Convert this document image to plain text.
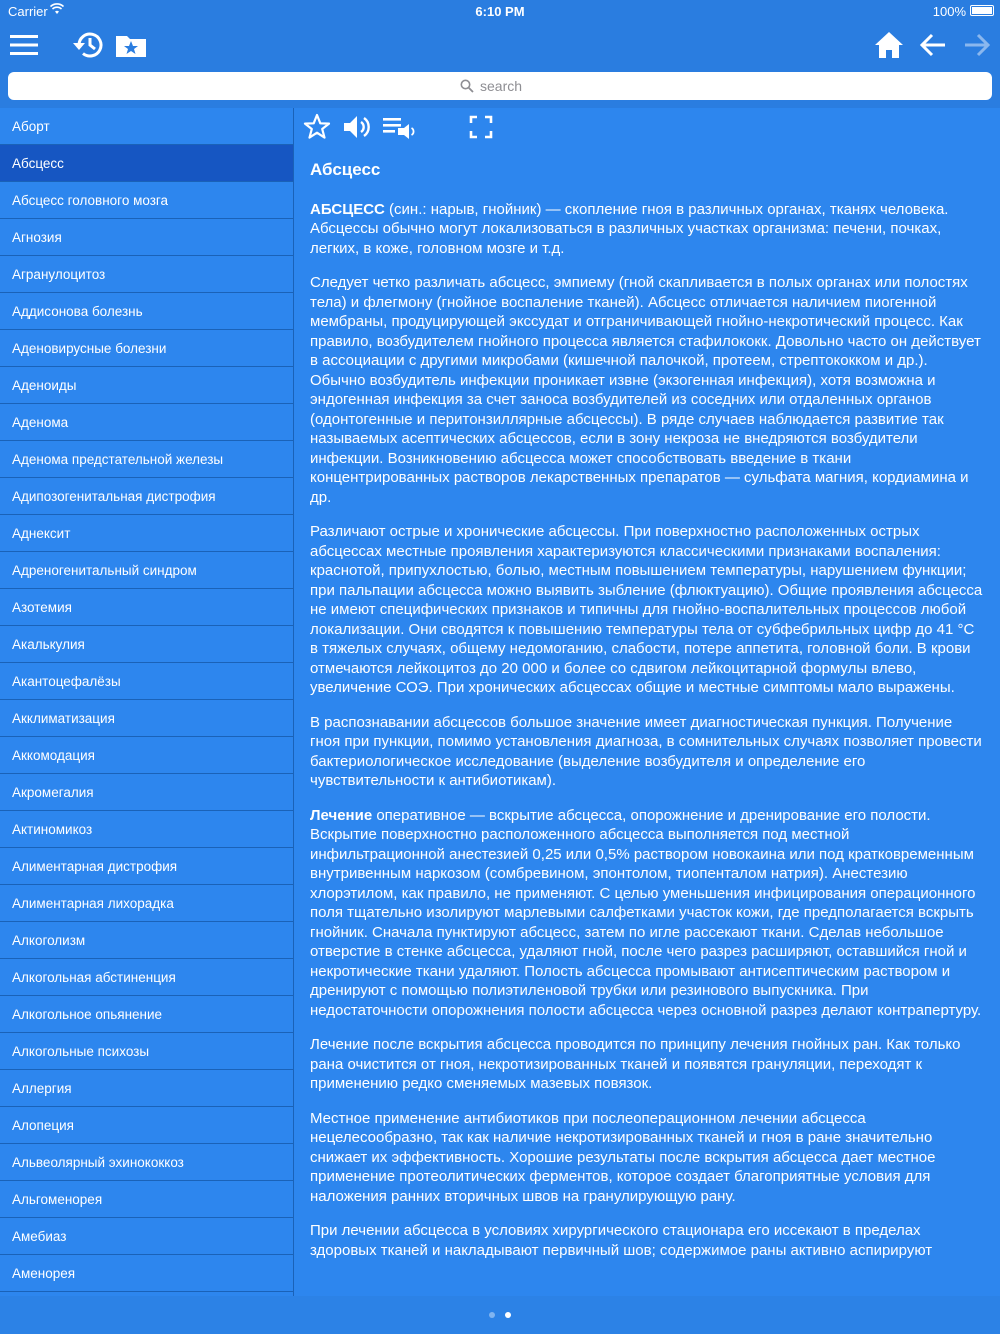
Carrier	6:10 PM	100%
search
Аборт
Абсцесс
Абсцесс головного мозга
Агнозия
Агранулоцитоз
Аддисонова болезнь
Аденовирусные болезни
Аденоиды
Аденома
Аденома предстательной железы
Адипозогенитальная дистрофия
Аднексит
Адреногенитальный синдром
Азотемия
Акалькулия
Акантоцефалёзы
Акклиматизация
Аккомодация
Акромегалия
Актиномикоз
Алиментарная дистрофия
Алиментарная лихорадка
Алкоголизм
Алкогольная абстиненция
Алкогольное опьянение
Алкогольные психозы
Аллергия
Алопеция
Альвеолярный эхинококкоз
Альгоменорея
Амебиаз
Аменорея
Абсцесс

АБСЦЕСС (син.: нарыв, гнойник) — скопление гноя в различных органах, тканях человека. Абсцессы обычно могут локализоваться в различных участках организма: печени, почках, легких, в коже, головном мозге и т.д.

Следует четко различать абсцесс, эмпиему (гной скапливается в полых органах или полостях тела) и флегмону (гнойное воспаление тканей). Абсцесс отличается наличием пиогенной мембраны, продуцирующей экссудат и отграничивающей гнойно-некротический процесс. Как правило, возбудителем гнойного процесса является стафилококк. Довольно часто он действует в ассоциации с другими микробами (кишечной палочкой, протеем, стрептококком и др.). Обычно возбудитель инфекции проникает извне (экзогенная инфекция), хотя возможна и эндогенная инфекция за счет заноса возбудителей из соседних или отдаленных органов (одонтогенные и перитонзиллярные абсцессы). В ряде случаев наблюдается развитие так называемых асептических абсцессов, если в зону некроза не внедряются возбудители инфекции. Возникновению абсцесса может способствовать введение в ткани концентрированных растворов лекарственных препаратов — сульфата магния, кордиамина и др.

Различают острые и хронические абсцессы. При поверхностно расположенных острых абсцессах местные проявления характеризуются классическими признаками воспаления: краснотой, припухлостью, болью, местным повышением температуры, нарушением функции; при пальпации абсцесса можно выявить зыбление (флюктуацию). Общие проявления абсцесса не имеют специфических признаков и типичны для гнойно-воспалительных процессов любой локализации. Они сводятся к повышению температуры тела от субфебрильных цифр до 41 °С в тяжелых случаях, общему недомоганию, слабости, потере аппетита, головной боли. В крови отмечаются лейкоцитоз до 20 000 и более со сдвигом лейкоцитарной формулы влево, увеличение СОЭ. При хронических абсцессах общие и местные симптомы мало выражены.

В распознавании абсцессов большое значение имеет диагностическая пункция. Получение гноя при пункции, помимо установления диагноза, в сомнительных случаях позволяет провести бактериологическое исследование (выделение возбудителя и определение его чувствительности к антибиотикам).

Лечение оперативное — вскрытие абсцесса, опорожнение и дренирование его полости. Вскрытие поверхностно расположенного абсцесса выполняется под местной инфильтрационной анестезией 0,25 или 0,5% раствором новокаина или под кратковременным внутривенным наркозом (сомбревином, эпонтолом, тиопенталом натрия). Анестезию хлорэтилом, как правило, не применяют. С целью уменьшения инфицирования операционного поля тщательно изолируют марлевыми салфетками участок кожи, где предполагается вскрыть гнойник. Сначала пунктируют абсцесс, затем по игле рассекают ткани. Сделав небольшое отверстие в стенке абсцесса, удаляют гной, после чего разрез расширяют, оставшийся гной и некротические ткани удаляют. Полость абсцесса промывают антисептическим раствором и дренируют с помощью полиэтиленовой трубки или резинового выпускника. При недостаточности опорожнения полости абсцесса через основной разрез делают контрапертуру.

Лечение после вскрытия абсцесса проводится по принципу лечения гнойных ран. Как только рана очистится от гноя, некротизированных тканей и появятся грануляции, переходят к применению редко сменяемых мазевых повязок.

Местное применение антибиотиков при послеоперационном лечении абсцесса нецелесообразно, так как наличие некротизированных тканей и гноя в ране значительно снижает их эффективность. Хорошие результаты после вскрытия абсцесса дает местное применение протеолитических ферментов, которое создает благоприятные условия для наложения ранних вторичных швов на гранулирующую рану.

При лечении абсцесса в условиях хирургического стационара его иссекают в пределах здоровых тканей и накладывают первичный шов; содержимое раны активно аспирируют
